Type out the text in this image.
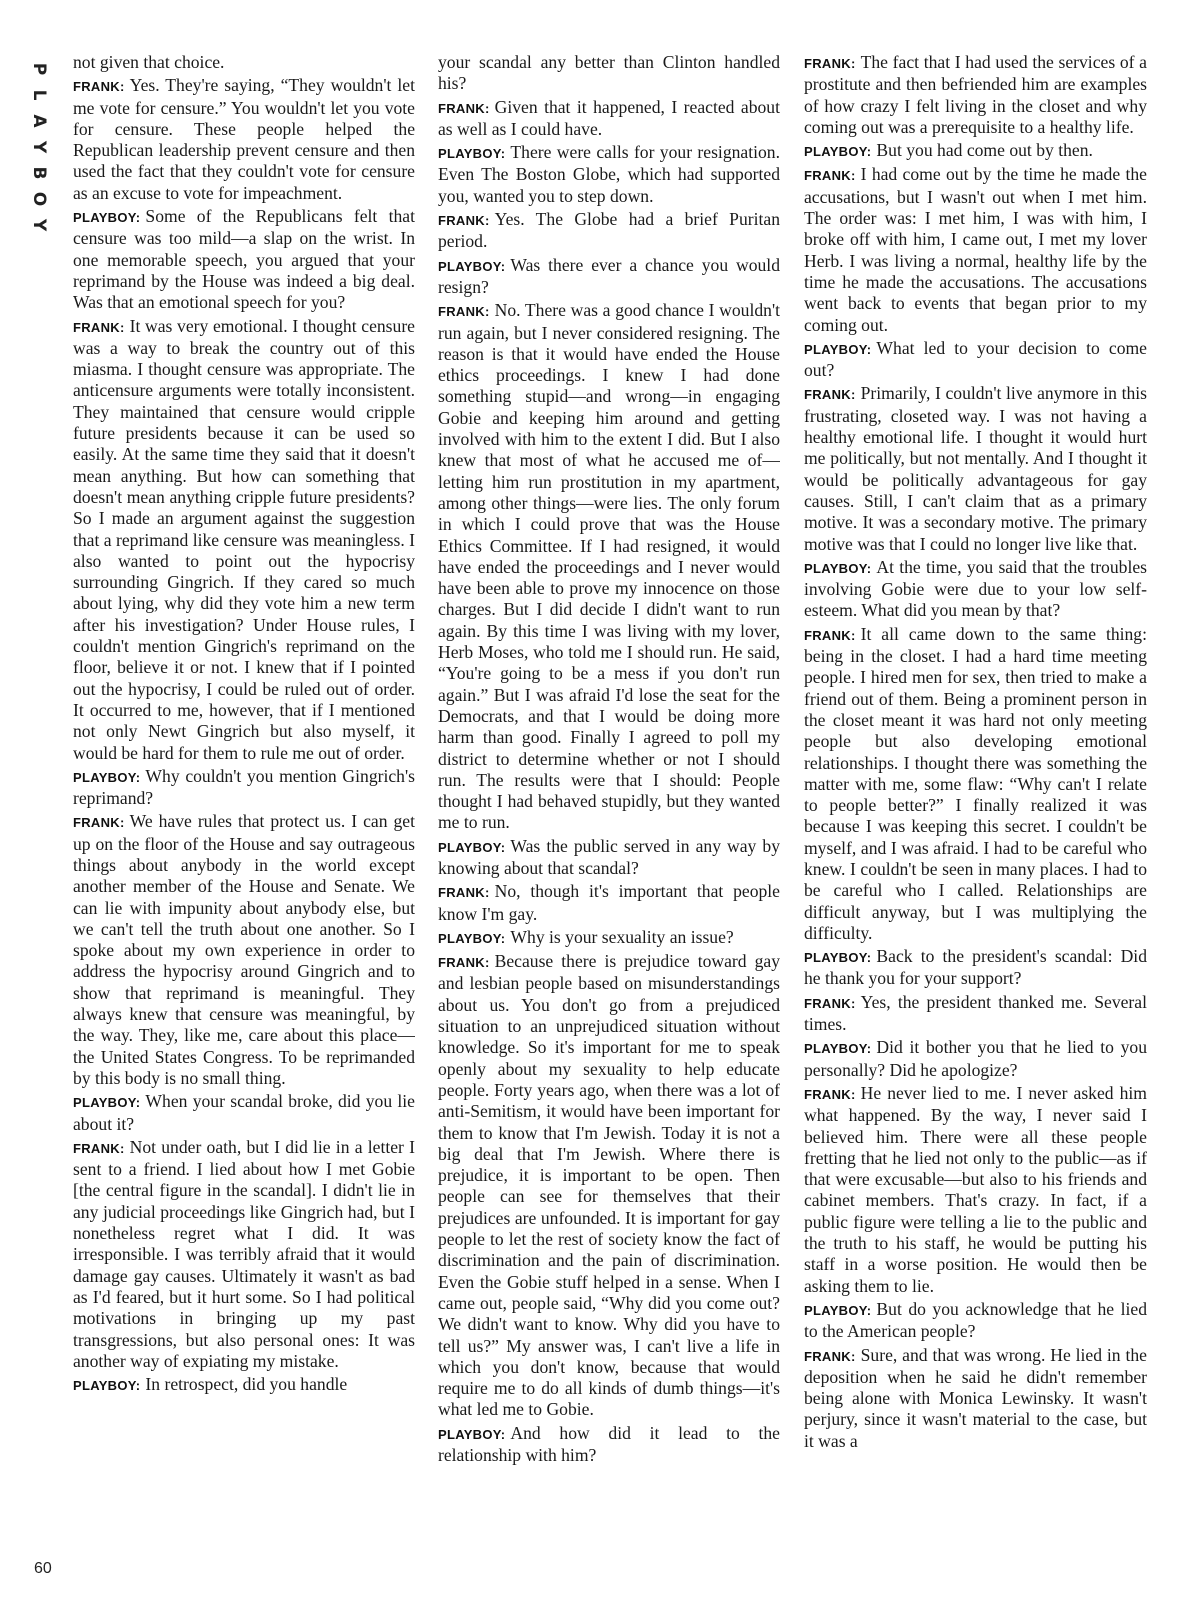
P
L
A
Y
B
O
Y
60

not given that choice.

FRANK: Yes. They're saying, “They wouldn't let me vote for censure.” You wouldn't let you vote for censure. These people helped the Republican leadership prevent censure and then used the fact that they couldn't vote for censure as an excuse to vote for impeachment.

PLAYBOY: Some of the Republicans felt that censure was too mild—a slap on the wrist. In one memorable speech, you argued that your reprimand by the House was indeed a big deal. Was that an emotional speech for you?

FRANK: It was very emotional. I thought censure was a way to break the country out of this miasma. I thought censure was appropriate. The anticensure arguments were totally inconsistent. They maintained that censure would cripple future presidents because it can be used so easily. At the same time they said that it doesn't mean anything. But how can something that doesn't mean anything cripple future presidents? So I made an argument against the suggestion that a reprimand like censure was meaningless. I also wanted to point out the hypocrisy surrounding Gingrich. If they cared so much about lying, why did they vote him a new term after his investigation? Under House rules, I couldn't mention Gingrich's reprimand on the floor, believe it or not. I knew that if I pointed out the hypocrisy, I could be ruled out of order. It occurred to me, however, that if I mentioned not only Newt Gingrich but also myself, it would be hard for them to rule me out of order.

PLAYBOY: Why couldn't you mention Gingrich's reprimand?

FRANK: We have rules that protect us. I can get up on the floor of the House and say outrageous things about anybody in the world except another member of the House and Senate. We can lie with impunity about anybody else, but we can't tell the truth about one another. So I spoke about my own experience in order to address the hypocrisy around Gingrich and to show that reprimand is meaningful. They always knew that censure was meaningful, by the way. They, like me, care about this place—the United States Congress. To be reprimanded by this body is no small thing.

PLAYBOY: When your scandal broke, did you lie about it?

FRANK: Not under oath, but I did lie in a letter I sent to a friend. I lied about how I met Gobie [the central figure in the scandal]. I didn't lie in any judicial proceedings like Gingrich had, but I nonetheless regret what I did. It was irresponsible. I was terribly afraid that it would damage gay causes. Ultimately it wasn't as bad as I'd feared, but it hurt some. So I had political motivations in bringing up my past transgressions, but also personal ones: It was another way of expiating my mistake.

PLAYBOY: In retrospect, did you handle

your scandal any better than Clinton handled his?

FRANK: Given that it happened, I reacted about as well as I could have.

PLAYBOY: There were calls for your resignation. Even The Boston Globe, which had supported you, wanted you to step down.

FRANK: Yes. The Globe had a brief Puritan period.

PLAYBOY: Was there ever a chance you would resign?

FRANK: No. There was a good chance I wouldn't run again, but I never considered resigning. The reason is that it would have ended the House ethics proceedings. I knew I had done something stupid—and wrong—in engaging Gobie and keeping him around and getting involved with him to the extent I did. But I also knew that most of what he accused me of—letting him run prostitution in my apartment, among other things—were lies. The only forum in which I could prove that was the House Ethics Committee. If I had resigned, it would have ended the proceedings and I never would have been able to prove my innocence on those charges. But I did decide I didn't want to run again. By this time I was living with my lover, Herb Moses, who told me I should run. He said, “You're going to be a mess if you don't run again.” But I was afraid I'd lose the seat for the Democrats, and that I would be doing more harm than good. Finally I agreed to poll my district to determine whether or not I should run. The results were that I should: People thought I had behaved stupidly, but they wanted me to run.

PLAYBOY: Was the public served in any way by knowing about that scandal?

FRANK: No, though it's important that people know I'm gay.

PLAYBOY: Why is your sexuality an issue?

FRANK: Because there is prejudice toward gay and lesbian people based on misunderstandings about us. You don't go from a prejudiced situation to an unprejudiced situation without knowledge. So it's important for me to speak openly about my sexuality to help educate people. Forty years ago, when there was a lot of anti-Semitism, it would have been important for them to know that I'm Jewish. Today it is not a big deal that I'm Jewish. Where there is prejudice, it is important to be open. Then people can see for themselves that their prejudices are unfounded. It is important for gay people to let the rest of society know the fact of discrimination and the pain of discrimination. Even the Gobie stuff helped in a sense. When I came out, people said, “Why did you come out? We didn't want to know. Why did you have to tell us?” My answer was, I can't live a life in which you don't know, because that would require me to do all kinds of dumb things—it's what led me to Gobie.

PLAYBOY: And how did it lead to the relationship with him?

FRANK: The fact that I had used the services of a prostitute and then befriended him are examples of how crazy I felt living in the closet and why coming out was a prerequisite to a healthy life.

PLAYBOY: But you had come out by then.

FRANK: I had come out by the time he made the accusations, but I wasn't out when I met him. The order was: I met him, I was with him, I broke off with him, I came out, I met my lover Herb. I was living a normal, healthy life by the time he made the accusations. The accusations went back to events that began prior to my coming out.

PLAYBOY: What led to your decision to come out?

FRANK: Primarily, I couldn't live anymore in this frustrating, closeted way. I was not having a healthy emotional life. I thought it would hurt me politically, but not mentally. And I thought it would be politically advantageous for gay causes. Still, I can't claim that as a primary motive. It was a secondary motive. The primary motive was that I could no longer live like that.

PLAYBOY: At the time, you said that the troubles involving Gobie were due to your low self-esteem. What did you mean by that?

FRANK: It all came down to the same thing: being in the closet. I had a hard time meeting people. I hired men for sex, then tried to make a friend out of them. Being a prominent person in the closet meant it was hard not only meeting people but also developing emotional relationships. I thought there was something the matter with me, some flaw: “Why can't I relate to people better?” I finally realized it was because I was keeping this secret. I couldn't be myself, and I was afraid. I had to be careful who knew. I couldn't be seen in many places. I had to be careful who I called. Relationships are difficult anyway, but I was multiplying the difficulty.

PLAYBOY: Back to the president's scandal: Did he thank you for your support?

FRANK: Yes, the president thanked me. Several times.

PLAYBOY: Did it bother you that he lied to you personally? Did he apologize?

FRANK: He never lied to me. I never asked him what happened. By the way, I never said I believed him. There were all these people fretting that he lied not only to the public—as if that were excusable—but also to his friends and cabinet members. That's crazy. In fact, if a public figure were telling a lie to the public and the truth to his staff, he would be putting his staff in a worse position. He would then be asking them to lie.

PLAYBOY: But do you acknowledge that he lied to the American people?

FRANK: Sure, and that was wrong. He lied in the deposition when he said he didn't remember being alone with Monica Lewinsky. It wasn't perjury, since it wasn't material to the case, but it was a
